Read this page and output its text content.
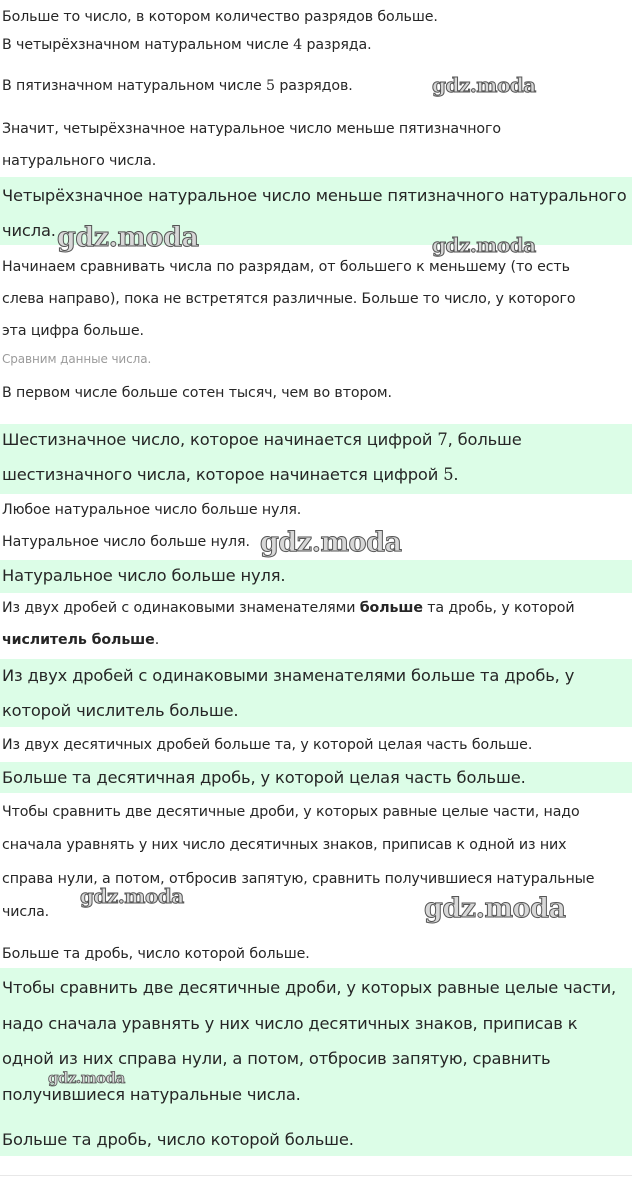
Больше то число, в котором количество разрядов больше.
В четырёхзначном натуральном числе 4 разряда.
В пятизначном натуральном числе 5 разрядов.
Значит, четырёхзначное натуральное число меньше пятизначного
натурального числа.
Четырёхзначное натуральное число меньше пятизначного натурального
числа.
Начинаем сравнивать числа по разрядам, от большего к меньшему (то есть
слева направо), пока не встретятся различные. Больше то число, у которого
эта цифра больше.
Сравним данные числа.
В первом числе больше сотен тысяч, чем во втором.
Шестизначное число, которое начинается цифрой 7, больше
шестизначного числа, которое начинается цифрой 5.
Любое натуральное число больше нуля.
Натуральное число больше нуля.
Натуральное число больше нуля.
Из двух дробей с одинаковыми знаменателями больше та дробь, у которой
числитель больше.
Из двух дробей с одинаковыми знаменателями больше та дробь, у
которой числитель больше.
Из двух десятичных дробей больше та, у которой целая часть больше.
Больше та десятичная дробь, у которой целая часть больше.
Чтобы сравнить две десятичные дроби, у которых равные целые части, надо
сначала уравнять у них число десятичных знаков, приписав к одной из них
справа нули, а потом, отбросив запятую, сравнить получившиеся натуральные
числа.
Больше та дробь, число которой больше.
Чтобы сравнить две десятичные дроби, у которых равные целые части,
надо сначала уравнять у них число десятичных знаков, приписав к
одной из них справа нули, а потом, отбросив запятую, сравнить
получившиеся натуральные числа.
Больше та дробь, число которой больше.
gdz.moda
gdz.moda	gdz.moda
gdz.moda
gdz.moda	gdz.moda
gdz.moda
